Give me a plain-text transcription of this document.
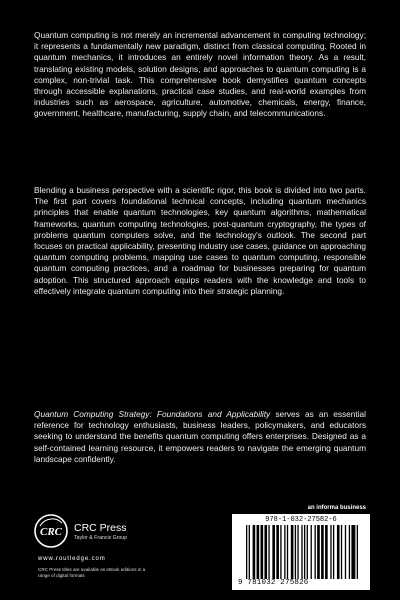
Quantum computing is not merely an incremental advancement in computing technology; it represents a fundamentally new paradigm, distinct from classical computing. Rooted in quantum mechanics, it introduces an entirely novel information theory. As a result, translating existing models, solution designs, and approaches to quantum computing is a complex, non-trivial task. This comprehensive book demystifies quantum concepts through accessible explanations, practical case studies, and real-world examples from industries such as aerospace, agriculture, automotive, chemicals, energy, finance, government, healthcare, manufacturing, supply chain, and telecommunications.

Blending a business perspective with a scientific rigor, this book is divided into two parts. The first part covers foundational technical concepts, including quantum mechanics principles that enable quantum technologies, key quantum algorithms, mathematical frameworks, quantum computing technologies, post-quantum cryptography, the types of problems quantum computers solve, and the technology's outlook. The second part focuses on practical applicability, presenting industry use cases, guidance on approaching quantum computing problems, mapping use cases to quantum computing, responsible quantum computing practices, and a roadmap for businesses preparing for quantum adoption. This structured approach equips readers with the knowledge and tools to effectively integrate quantum computing into their strategic planning.

Quantum Computing Strategy: Foundations and Applicability serves as an essential reference for technology enthusiasts, business leaders, policymakers, and educators seeking to understand the benefits quantum computing offers enterprises. Designed as a self-contained learning resource, it empowers readers to navigate the emerging quantum landscape confidently.

an informa business

CRC CRC Press

Taylor & Francis Group

www.routledge.com

CRC Press titles are available as eBook editions in a range of digital formats

978-1-032-27582-6

9 781032 275826
